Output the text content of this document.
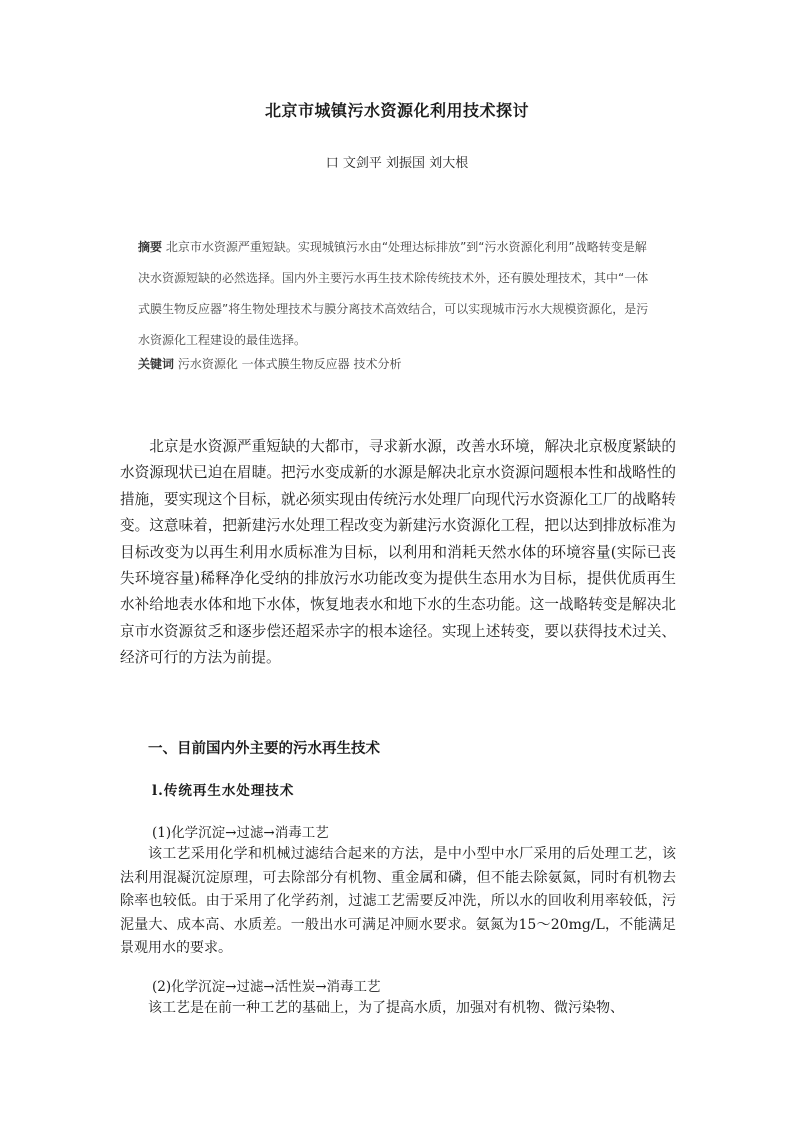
北京市城镇污水资源化利用技术探讨
口 文剑平 刘振国 刘大根
摘要 北京市水资源严重短缺。实现城镇污水由“处理达标排放”到“污水资源化利用”战略转变是解决水资源短缺的必然选择。国内外主要污水再生技术除传统技术外，还有膜处理技术，其中“一体式膜生物反应器”将生物处理技术与膜分离技术高效结合，可以实现城市污水大规模资源化，是污水资源化工程建设的最佳选择。
关键词 污水资源化 一体式膜生物反应器 技术分析

北京是水资源严重短缺的大都市，寻求新水源，改善水环境，解决北京极度紧缺的水资源现状已迫在眉睫。把污水变成新的水源是解决北京水资源问题根本性和战略性的措施，要实现这个目标，就必须实现由传统污水处理厂向现代污水资源化工厂的战略转变。这意味着，把新建污水处理工程改变为新建污水资源化工程，把以达到排放标准为目标改变为以再生利用水质标准为目标，以利用和消耗天然水体的环境容量(实际已丧失环境容量)稀释净化受纳的排放污水功能改变为提供生态用水为目标，提供优质再生水补给地表水体和地下水体，恢复地表水和地下水的生态功能。这一战略转变是解决北京市水资源贫乏和逐步偿还超采赤字的根本途径。实现上述转变，要以获得技术过关、经济可行的方法为前提。

一、目前国内外主要的污水再生技术
l.传统再生水处理技术
(1)化学沉淀→过滤→消毒工艺

该工艺采用化学和机械过滤结合起来的方法，是中小型中水厂采用的后处理工艺，该法利用混凝沉淀原理，可去除部分有机物、重金属和磷，但不能去除氨氮，同时有机物去除率也较低。由于采用了化学药剂，过滤工艺需要反冲洗，所以水的回收利用率较低，污泥量大、成本高、水质差。一般出水可满足冲厕水要求。氨氮为15～20mg/L，不能满足景观用水的要求。

(2)化学沉淀→过滤→活性炭→消毒工艺

该工艺是在前一种工艺的基础上，为了提高水质，加强对有机物、微污染物、
